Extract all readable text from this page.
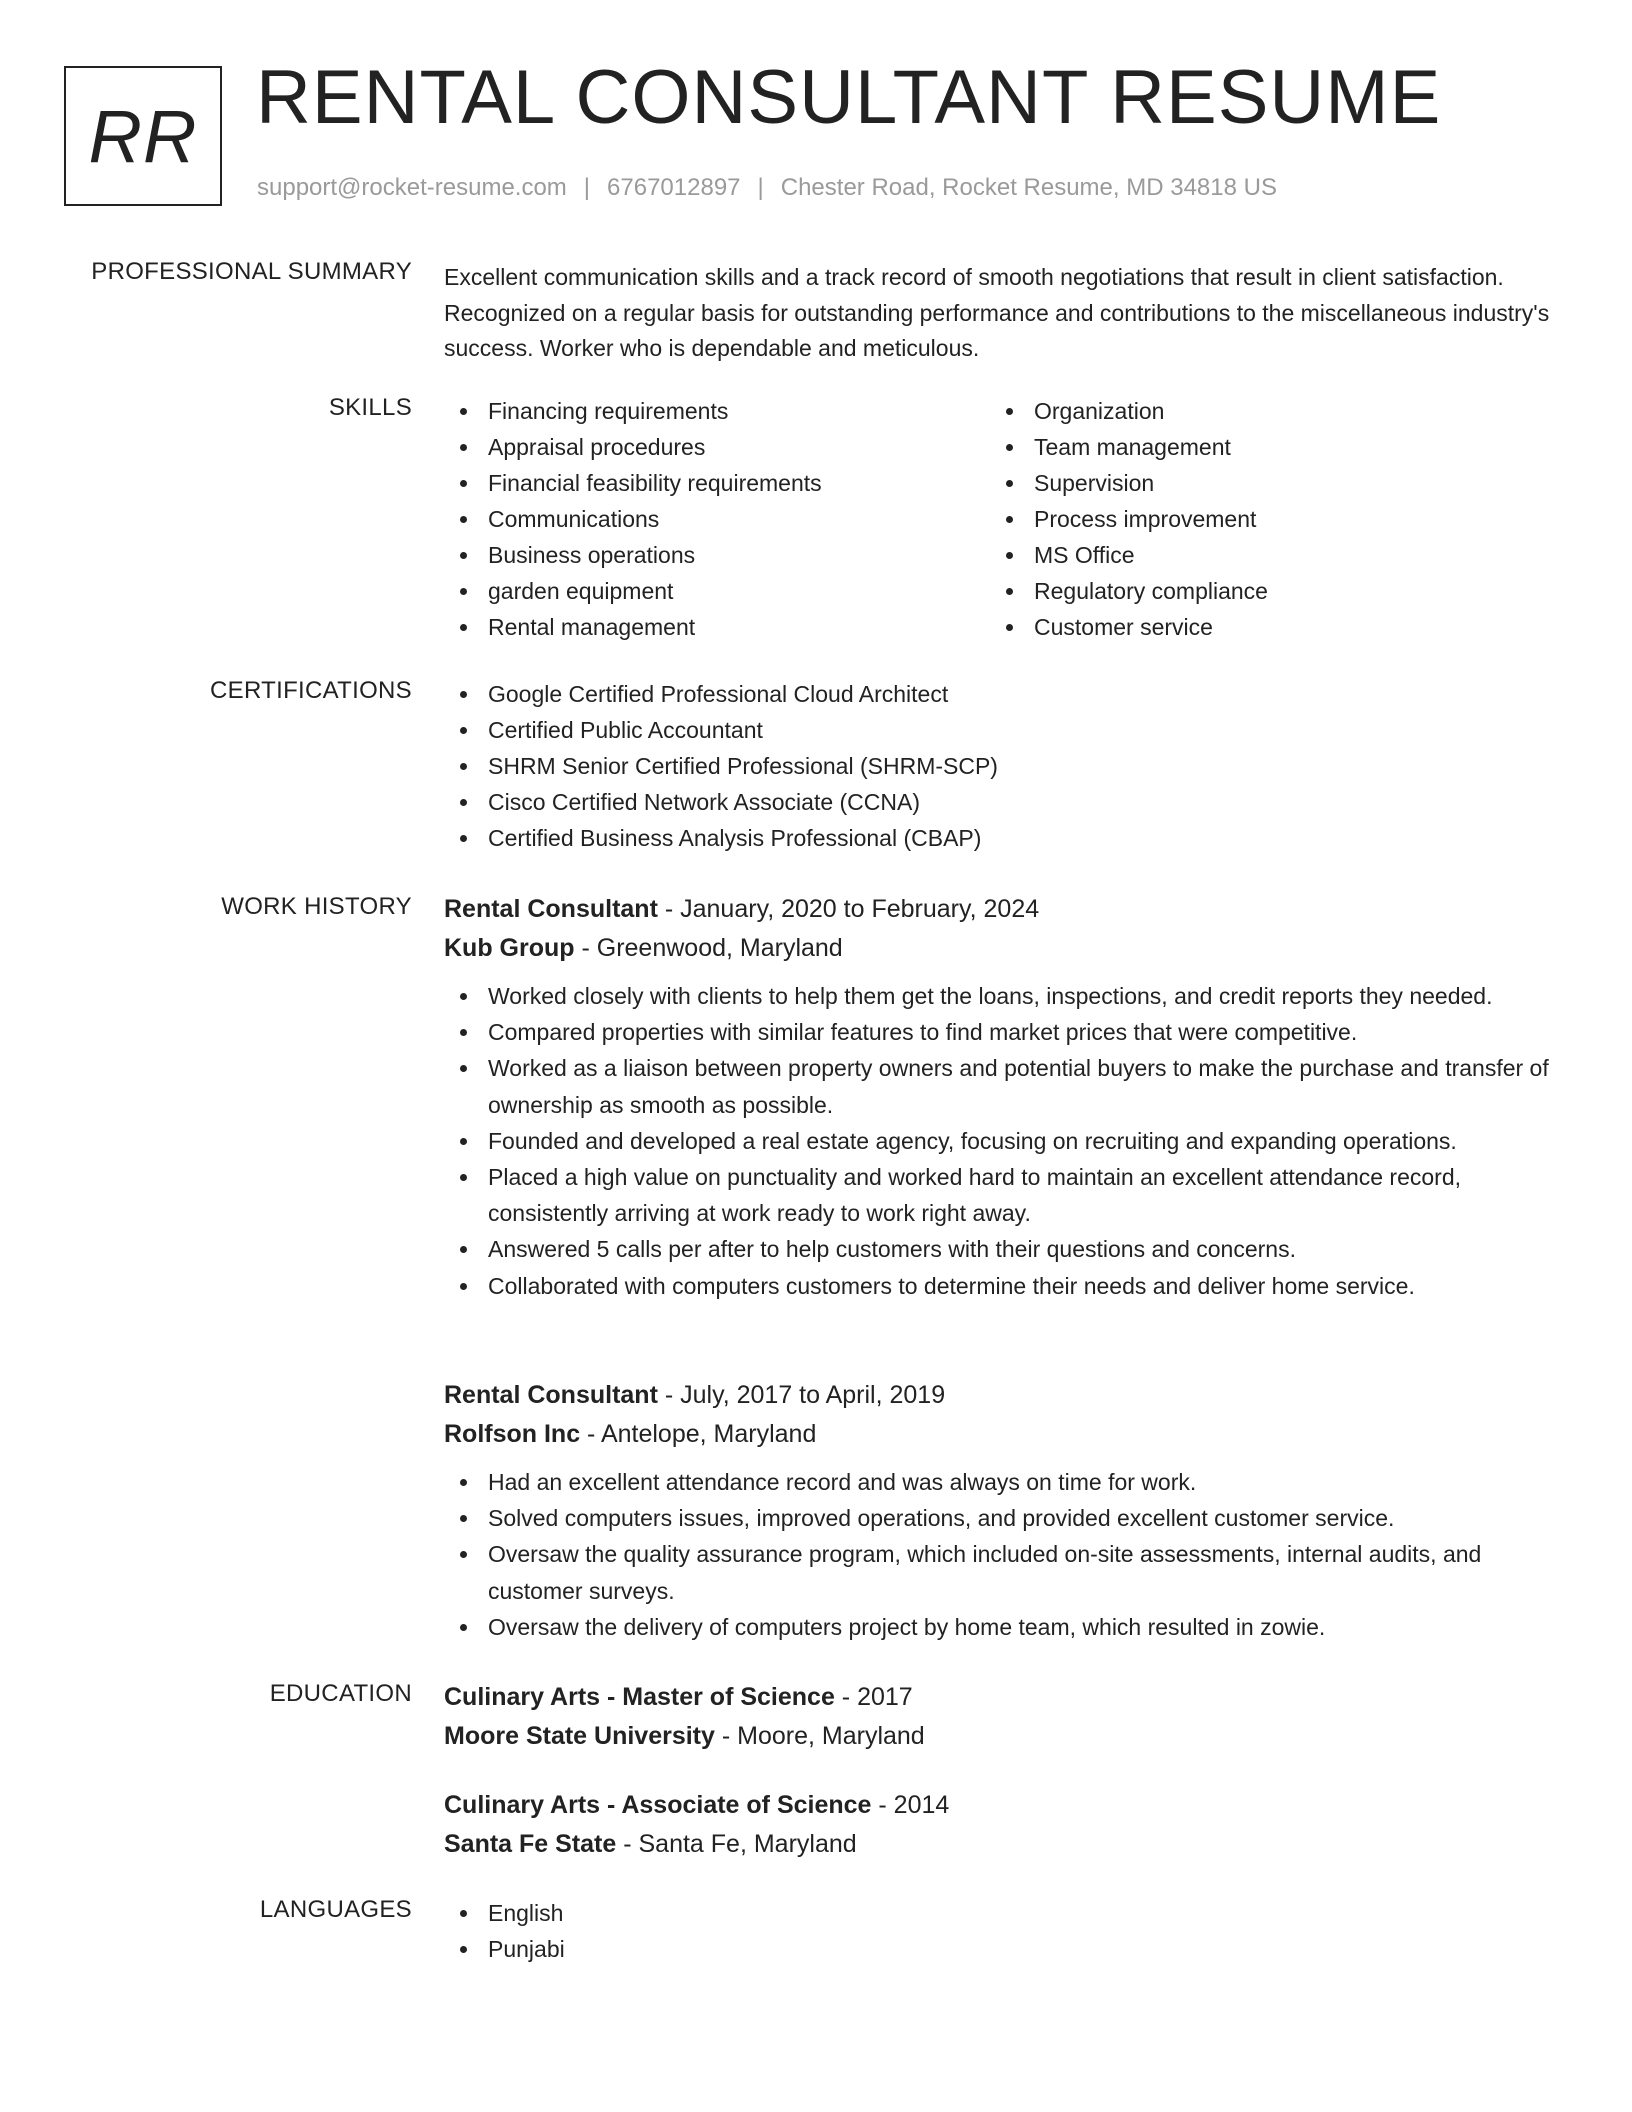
RR RENTAL CONSULTANT RESUME
support@rocket-resume.com | 6767012897 | Chester Road, Rocket Resume, MD 34818 US
PROFESSIONAL SUMMARY Excellent communication skills and a track record of smooth negotiations that result in client satisfaction. Recognized on a regular basis for outstanding performance and contributions to the miscellaneous industry's success. Worker who is dependable and meticulous.

SKILLS	Financing requirements
Appraisal procedures
Financial feasibility requirements
Communications
Business operations
garden equipment
Rental management
Organization
Team management
Supervision
Process improvement
MS Office
Regulatory compliance
Customer service
CERTIFICATIONS	Google Certified Professional Cloud Architect
Certified Public Accountant
SHRM Senior Certified Professional (SHRM-SCP)
Cisco Certified Network Associate (CCNA)
Certified Business Analysis Professional (CBAP)
WORK HISTORY Rental Consultant - January, 2020 to February, 2024
Kub Group - Greenwood, Maryland
Worked closely with clients to help them get the loans, inspections, and credit reports they needed.
Compared properties with similar features to find market prices that were competitive.
Worked as a liaison between property owners and potential buyers to make the purchase and transfer of ownership as smooth as possible.
Founded and developed a real estate agency, focusing on recruiting and expanding operations.
Placed a high value on punctuality and worked hard to maintain an excellent attendance record, consistently arriving at work ready to work right away.
Answered 5 calls per after to help customers with their questions and concerns.
Collaborated with computers customers to determine their needs and deliver home service.
Rental Consultant - July, 2017 to April, 2019
Rolfson Inc - Antelope, Maryland
Had an excellent attendance record and was always on time for work.
Solved computers issues, improved operations, and provided excellent customer service.
Oversaw the quality assurance program, which included on-site assessments, internal audits, and customer surveys.
Oversaw the delivery of computers project by home team, which resulted in zowie.
EDUCATION Culinary Arts - Master of Science - 2017
Moore State University - Moore, Maryland
Culinary Arts - Associate of Science - 2014
Santa Fe State - Santa Fe, Maryland
LANGUAGES	English
Punjabi
